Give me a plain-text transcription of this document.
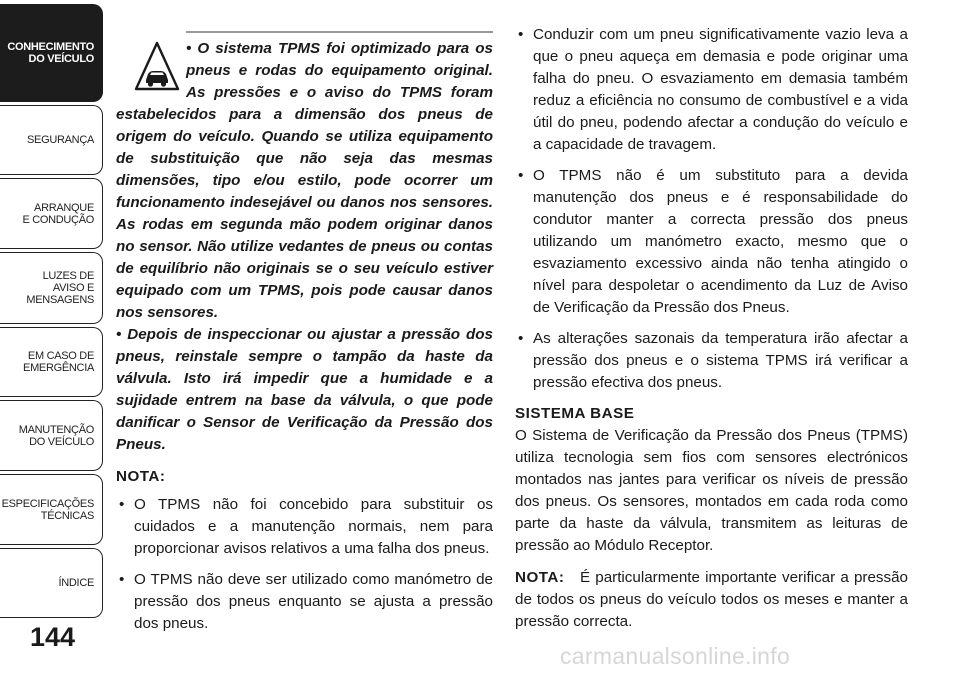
CONHECIMENTO
DO VEÍCULO
SEGURANÇA
ARRANQUE
E CONDUÇÃO
LUZES DE
AVISO E
MENSAGENS
EM CASO DE
EMERGÊNCIA
MANUTENÇÃO
DO VEÍCULO
ESPECIFICAÇÕES
TÉCNICAS
ÍNDICE
144

• O sistema TPMS foi optimizado para os pneus e rodas do equipamento original. As pressões e o aviso do TPMS foram estabelecidos para a dimensão dos pneus de origem do veículo. Quando se utiliza equipamento de substituição que não seja das mesmas dimensões, tipo e/ou estilo, pode ocorrer um funcionamento indesejável ou danos nos sensores. As rodas em segunda mão podem originar danos no sensor. Não utilize vedantes de pneus ou contas de equilíbrio não originais se o seu veículo estiver equipado com um TPMS, pois pode causar danos nos sensores.

• Depois de inspeccionar ou ajustar a pressão dos pneus, reinstale sempre o tampão da haste da válvula. Isto irá impedir que a humidade e a sujidade entrem na base da válvula, o que pode danificar o Sensor de Verificação da Pressão dos Pneus.

NOTA:

• O TPMS não foi concebido para substituir os cuidados e a manutenção normais, nem para proporcionar avisos relativos a uma falha dos pneus.
• O TPMS não deve ser utilizado como manómetro de pressão dos pneus enquanto se ajusta a pressão dos pneus.
• Conduzir com um pneu significativamente vazio leva a que o pneu aqueça em demasia e pode originar uma falha do pneu. O esvaziamento em demasia também reduz a eficiência no consumo de combustível e a vida útil do pneu, podendo afectar a condução do veículo e a capacidade de travagem.
• O TPMS não é um substituto para a devida manutenção dos pneus e é responsabilidade do condutor manter a correcta pressão dos pneus utilizando um manómetro exacto, mesmo que o esvaziamento excessivo ainda não tenha atingido o nível para despoletar o acendimento da Luz de Aviso de Verificação da Pressão dos Pneus.
• As alterações sazonais da temperatura irão afectar a pressão dos pneus e o sistema TPMS irá verificar a pressão efectiva dos pneus.

SISTEMA BASE

O Sistema de Verificação da Pressão dos Pneus (TPMS) utiliza tecnologia sem fios com sensores electrónicos montados nas jantes para verificar os níveis de pressão dos pneus. Os sensores, montados em cada roda como parte da haste da válvula, transmitem as leituras de pressão ao Módulo Receptor.

NOTA: É particularmente importante verificar a pressão de todos os pneus do veículo todos os meses e manter a pressão correcta.

carmanualsonline.info
